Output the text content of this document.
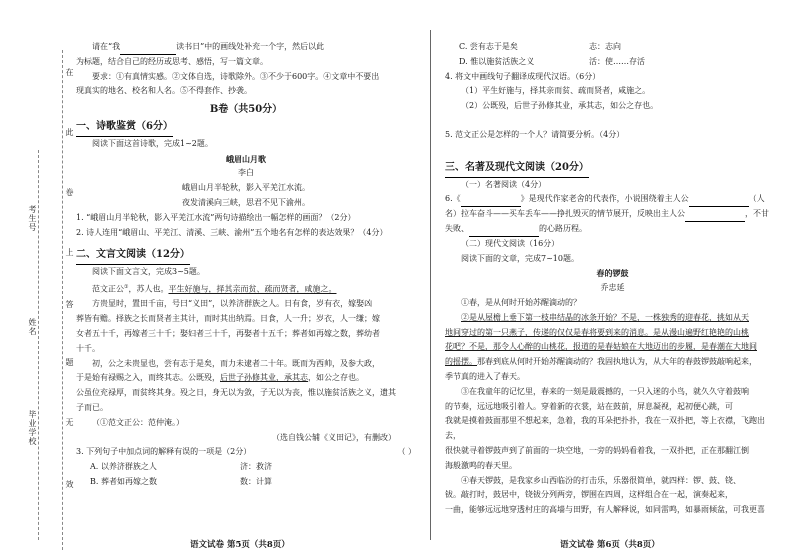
在
此
卷
上
答
题
无
效
考生号
姓名
毕业学校

请在“我	读书日”中的画线处补充一个字，然后以此

为标题，结合自己的经历或思考、感悟，写一篇文章。

要求：①有真情实感。②文体自选，诗歌除外。③不少于600字。④文章中不要出

现真实的地名、校名和人名。⑤不得套作、抄袭。

B卷（共50分）

一、诗歌鉴赏（6分）

阅读下面这首诗歌，完成1~2题。

峨眉山月歌

李白

峨眉山月半轮秋，影入平羌江水流。

夜发清溪向三峡，思君不见下渝州。

1. “峨眉山月半轮秋，影入平羌江水流”两句诗描绘出一幅怎样的画面？（2分）

2. 诗人连用“峨眉山、平羌江、清溪、三峡、渝州”五个地名有怎样的表达效果？（4分）

二、文言文阅读（12分）

阅读下面文言文，完成3~5题。

范文正公①，苏人也。平生好施与，择其亲而贫、疏而贤者，咸施之。

方贵显时，置田千亩，号曰“义田”，以养济群族之人。日有食，岁有衣，嫁娶凶

葬皆有赡。择族之长而贤者主其计，而时其出纳焉。日食，人一升；岁衣，人一缣；嫁

女者五十千，再嫁者三十千；娶妇者三十千，再娶者十五千；葬者如再嫁之数，葬幼者

十千。

初，公之未贵显也，尝有志于是矣，而力未逮者二十年。既而为西帅，及参大政，

于是始有禄赐之入，而终其志。公既殁，后世子孙修其业，承其志，如公之存也。

公虽位充禄厚，而贫终其身。殁之日，身无以为敛，子无以为丧，惟以施贫活族之义，遗其

子而已。

（①范文正公：范仲淹。）

（选自钱公辅《义田记》，有删改）

3. 下列句子中加点词的解释有误的一项是（2分）	（ ）

A. 以养济群族之人	济：救济

B. 葬者如再嫁之数	数：计算

C. 尝有志于是矣	志：志向

D. 惟以施贫活族之义	活：使……存活

4. 将文中画线句子翻译成现代汉语。（6分）

（1）平生好施与，择其亲而贫、疏而贤者，咸施之。

（2）公既殁，后世子孙修其业，承其志，如公之存也。

5. 范文正公是怎样的一个人？请简要分析。（4分）

三、名著及现代文阅读（20分）

（一）名著阅读（4分）

6.《	》是现代作家老舍的代表作，小说围绕着主人公	（人

名）拉车奋斗——买车丢车——挣扎毁灭的情节展开，反映出主人公	，不甘

失败、	的心路历程。

（二）现代文阅读（16分）

阅读下面的文章，完成7~10题。

春的锣鼓

乔忠延

①春，是从何时开始苏醒滴动的？

②是从屋檐上垂下第一枝串结晶的冰条开始？不是，一株独秀的迎春花，挑如从天

地间穿过的第一只燕子，传递的仅仅是春将要到来的消息。是从漫山遍野红艳艳的山桃

花吧？不是，那令人心醉的山桃花，报道的是春姑娘在大地迈出的步履，是春潮在大地间

的摇摆。那春到底从何时开始苏醒滴动的？我固执地认为，从大年的春鼓锣鼓敲响起来，

季节真的进入了春天。

③在我童年的记忆里，春来的一刻是最震撼的，一只入迷的小鸟，就久久守着鼓响

的节奏，远远地吸引着人。穿着新的衣裳，站在鼓前，屏息凝视，起初便心跳，可

我就是摸着鼓面那里不想起来，急着，我的耳朵把扑扑，我在一双扑把，等上衣襟，飞跑出去，

很快就寻着锣鼓声到了前面的一块空地，一旁的妈妈看着我，一双扑把，正在那翻江倒

海般激鸣的春天里。

④春天锣鼓，是我家乡山西临汾的打击乐，乐器很简单，就四样：锣、鼓、铙、

钹。敲打时，鼓居中，铙钹分列两旁，锣围在四周，这样组合在一起，演奏起来，

一曲，能够远远地穿透村庄的高墙与田野，有人解释说，如同雷鸣，如暴雨倾盆，可我更喜

语文试卷 第5页（共8页）	语文试卷 第6页（共8页）
